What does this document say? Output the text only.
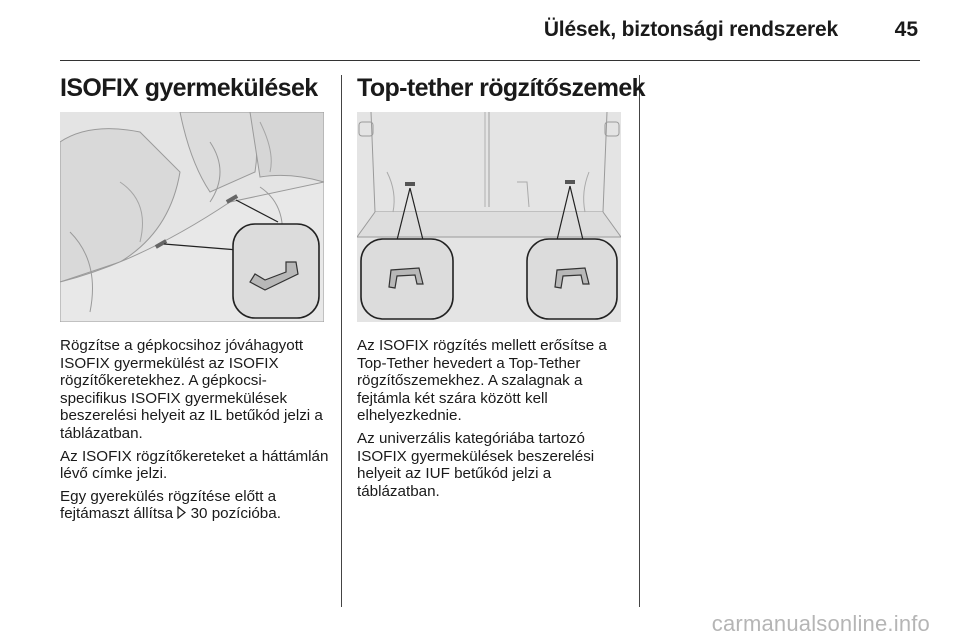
Ülések, biztonsági rendszerek	45
ISOFIX gyermekülések

Rögzítse a gépkocsihoz jóváhagyott ISOFIX gyermekülést az ISOFIX rögzítőkeretekhez. A gépkocsi-specifikus ISOFIX gyermekülések beszerelési helyeit az IL betűkód jelzi a táblázatban.

Az ISOFIX rögzítőkereteket a háttámlán lévő címke jelzi.

Egy gyerekülés rögzítése előtt a fejtámaszt állítsa 30 pozícióba.

Top-tether rögzítőszemek

Az ISOFIX rögzítés mellett erősítse a Top-Tether hevedert a Top-Tether rögzítőszemekhez. A szalagnak a fejtámla két szára között kell elhelyezkednie.

Az univerzális kategóriába tartozó ISOFIX gyermekülések beszerelési helyeit az IUF betűkód jelzi a táblázatban.

carmanualsonline.info
